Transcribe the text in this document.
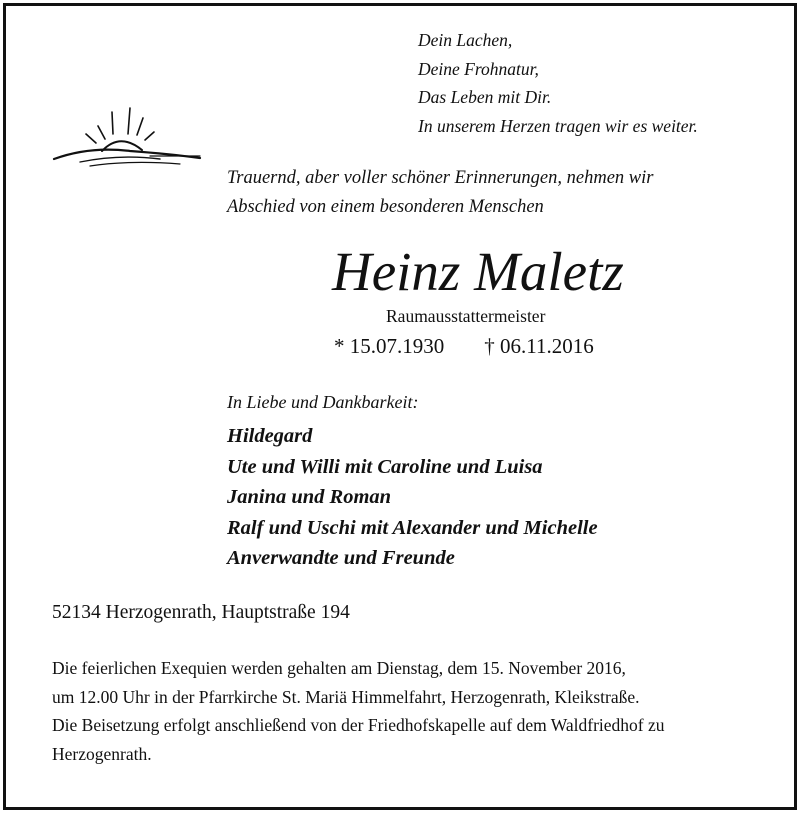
Dein Lachen,
Deine Frohnatur,
Das Leben mit Dir.
In unserem Herzen tragen wir es weiter.
Trauernd, aber voller schöner Erinnerungen, nehmen wir
Abschied von einem besonderen Menschen
Heinz Maletz
Raumausstattermeister
* 15.07.1930 † 06.11.2016
In Liebe und Dankbarkeit:
Hildegard
Ute und Willi mit Caroline und Luisa
Janina und Roman
Ralf und Uschi mit Alexander und Michelle
Anverwandte und Freunde
52134 Herzogenrath, Hauptstraße 194
Die feierlichen Exequien werden gehalten am Dienstag, dem 15. November 2016,
um 12.00 Uhr in der Pfarrkirche St. Mariä Himmelfahrt, Herzogenrath, Kleikstraße.
Die Beisetzung erfolgt anschließend von der Friedhofskapelle auf dem Waldfriedhof zu
Herzogenrath.
